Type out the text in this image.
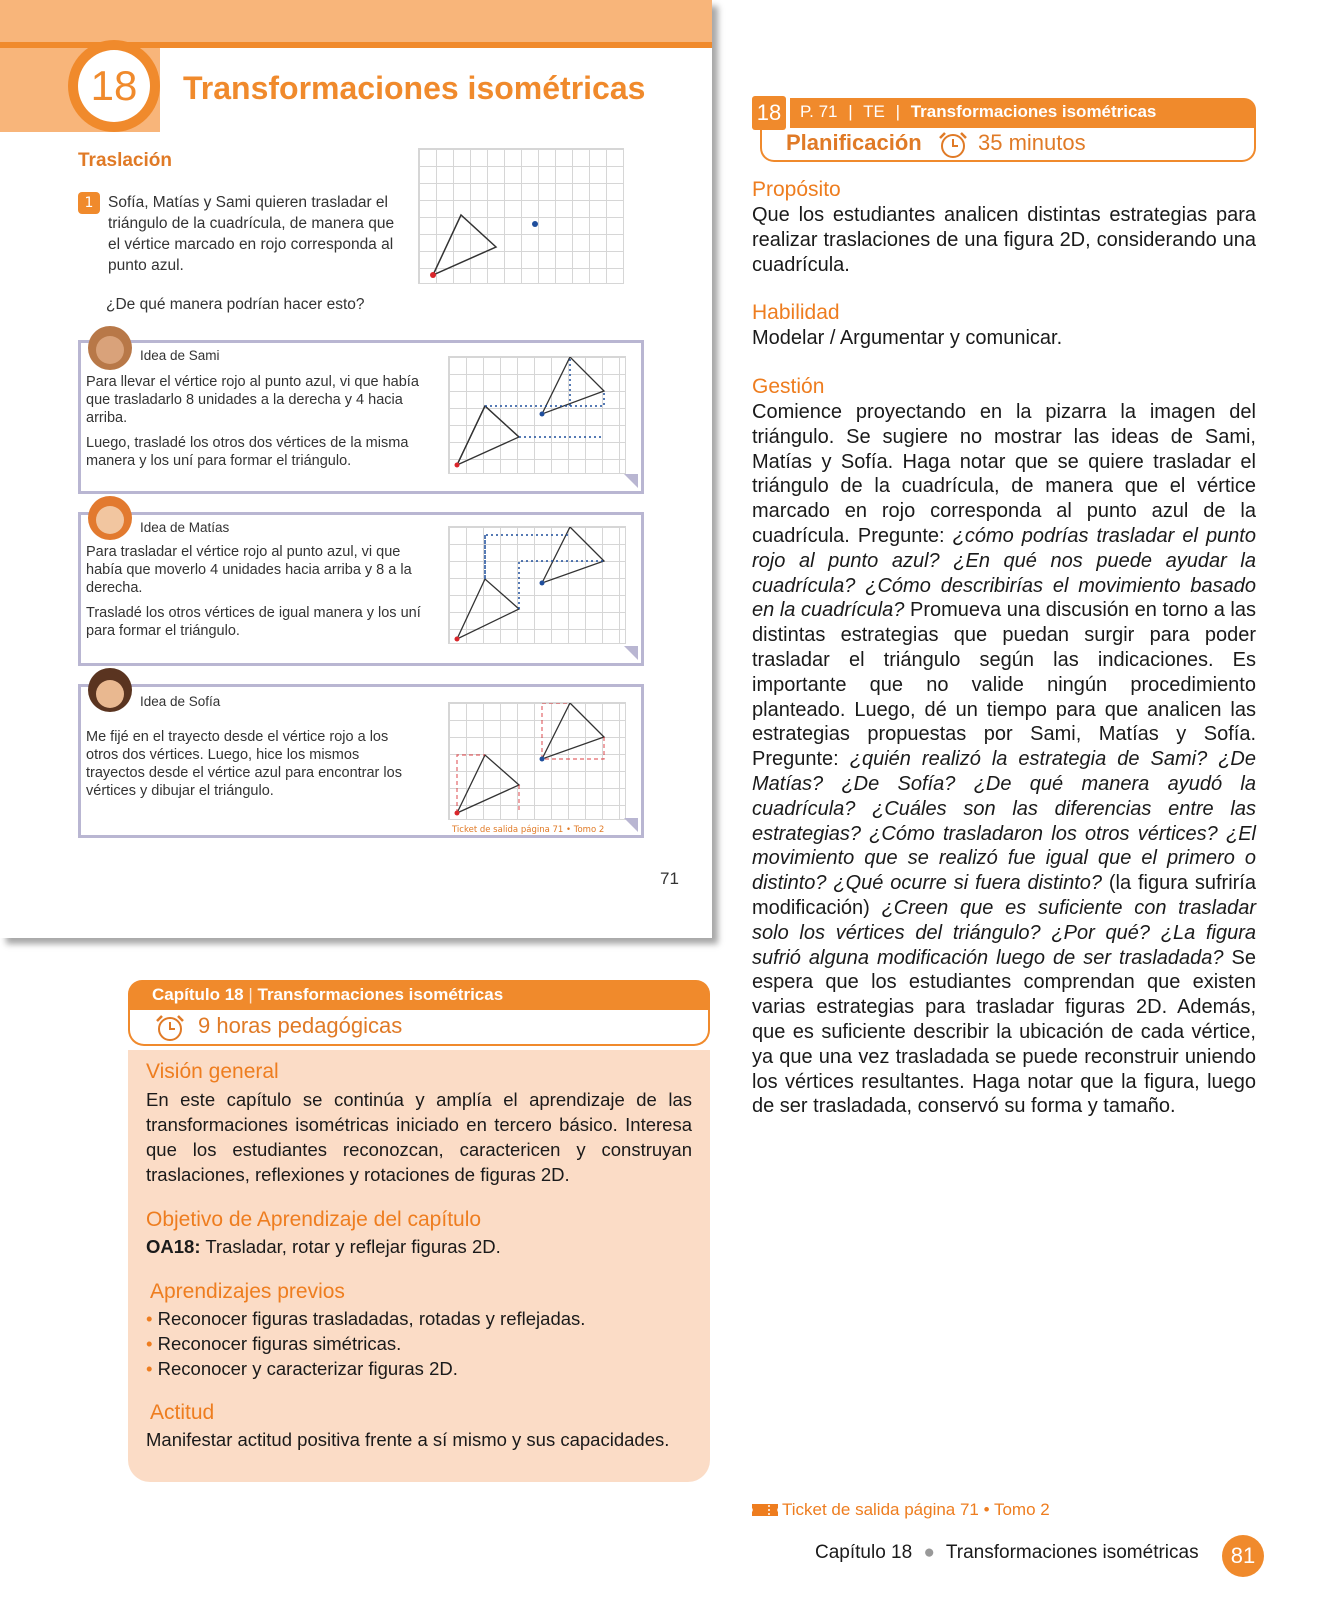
18	Transformaciones isométricas
Traslación
1 Sofía, Matías y Sami quieren trasladar el triángulo de la cuadrícula, de manera que el vértice marcado en rojo corresponda al punto azul.
¿De qué manera podrían hacer esto?
Idea de Sami
Para llevar el vértice rojo al punto azul, vi que había que trasladarlo 8 unidades a la derecha y 4 hacia arriba.
Luego, trasladé los otros dos vértices de la misma manera y los uní para formar el triángulo.
Idea de Matías
Para trasladar el vértice rojo al punto azul, vi que había que moverlo 4 unidades hacia arriba y 8 a la derecha.
Trasladé los otros vértices de igual manera y los uní para formar el triángulo.
Idea de Sofía
Me fijé en el trayecto desde el vértice rojo a los otros dos vértices. Luego, hice los mismos trayectos desde el vértice azul para encontrar los vértices y dibujar el triángulo.
Ticket de salida página 71 • Tomo 2
71
Capítulo 18 | Transformaciones isométricas
9 horas pedagógicas
Visión general
En este capítulo se continúa y amplía el aprendizaje de las transformaciones isométricas iniciado en tercero básico. Interesa que los estudiantes reconozcan, caractericen y construyan traslaciones, reflexiones y rotaciones de figuras 2D.
Objetivo de Aprendizaje del capítulo
OA18: Trasladar, rotar y reflejar figuras 2D.
Aprendizajes previos
• Reconocer figuras trasladadas, rotadas y reflejadas.
• Reconocer figuras simétricas.
• Reconocer y caracterizar figuras 2D.
Actitud
Manifestar actitud positiva frente a sí mismo y sus capacidades.
18 P. 71 | TE | Transformaciones isométricas
Planificación	35 minutos
Propósito
Que los estudiantes analicen distintas estrategias para realizar traslaciones de una figura 2D, considerando una cuadrícula.
Habilidad
Modelar / Argumentar y comunicar.
Gestión
Comience proyectando en la pizarra la imagen del triángulo. Se sugiere no mostrar las ideas de Sami, Matías y Sofía. Haga notar que se quiere trasladar el triángulo de la cuadrícula, de manera que el vértice marcado en rojo corresponda al punto azul de la cuadrícula. Pregunte: ¿cómo podrías trasladar el punto rojo al punto azul? ¿En qué nos puede ayudar la cuadrícula? ¿Cómo describirías el movimiento basado en la cuadrícula? Promueva una discusión en torno a las distintas estrategias que puedan surgir para poder trasladar el triángulo según las indicaciones. Es importante que no valide ningún procedimiento planteado. Luego, dé un tiempo para que analicen las estrategias propuestas por Sami, Matías y Sofía. Pregunte: ¿quién realizó la estrategia de Sami? ¿De Matías? ¿De Sofía? ¿De qué manera ayudó la cuadrícula? ¿Cuáles son las diferencias entre las estrategias? ¿Cómo trasladaron los otros vértices? ¿El movimiento que se realizó fue igual que el primero o distinto? ¿Qué ocurre si fuera distinto? (la figura sufriría modificación) ¿Creen que es suficiente con trasladar solo los vértices del triángulo? ¿Por qué? ¿La figura sufrió alguna modificación luego de ser trasladada? Se espera que los estudiantes comprendan que existen varias estrategias para trasladar figuras 2D. Además, que es suficiente describir la ubicación de cada vértice, ya que una vez trasladada se puede reconstruir uniendo los vértices resultantes. Haga notar que la figura, luego de ser trasladada, conservó su forma y tamaño.
Ticket de salida página 71 • Tomo 2
Capítulo 18 ● Transformaciones isométricas	81
